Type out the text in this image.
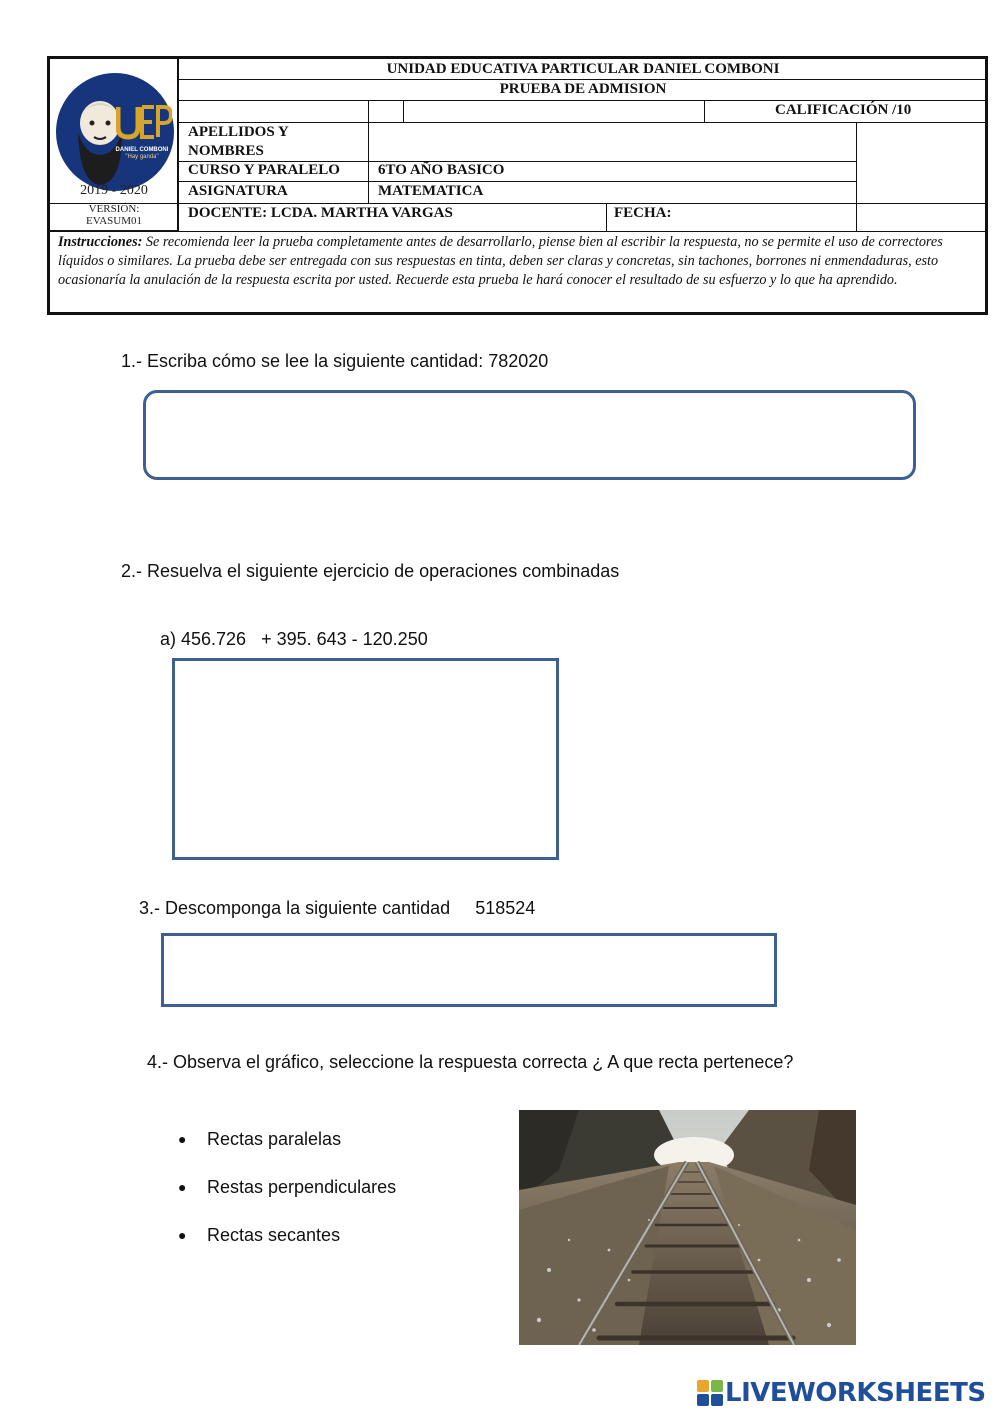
DANIEL COMBONI
"Hay ganda"
2019 - 2020
VERSIÓN:
EVASUM01
UNIDAD EDUCATIVA PARTICULAR DANIEL COMBONI
PRUEBA DE ADMISION
CALIFICACIÓN /10
APELLIDOS Y NOMBRES
CURSO Y PARALELO	6TO AÑO BASICO
ASIGNATURA	MATEMATICA
DOCENTE: LCDA. MARTHA VARGAS	FECHA:
Instrucciones: Se recomienda leer la prueba completamente antes de desarrollarlo, piense bien al escribir la respuesta, no se permite el uso de correctores líquidos o similares. La prueba debe ser entregada con sus respuestas en tinta, deben ser claras y concretas, sin tachones, borrones ni enmendaduras, esto ocasionaría la anulación de la respuesta escrita por usted. Recuerde esta prueba le hará conocer el resultado de su esfuerzo y lo que ha aprendido.
1.- Escriba cómo se lee la siguiente cantidad: 782020
2.- Resuelva el siguiente ejercicio de operaciones combinadas
a) 456.726   + 395. 643 - 120.250
3.- Descomponga la siguiente cantidad     518524
4.- Observa el gráfico, seleccione la respuesta correcta ¿ A que recta pertenece?
●	Rectas paralelas
●	Restas perpendiculares
●	Rectas secantes
LIVEWORKSHEETS
